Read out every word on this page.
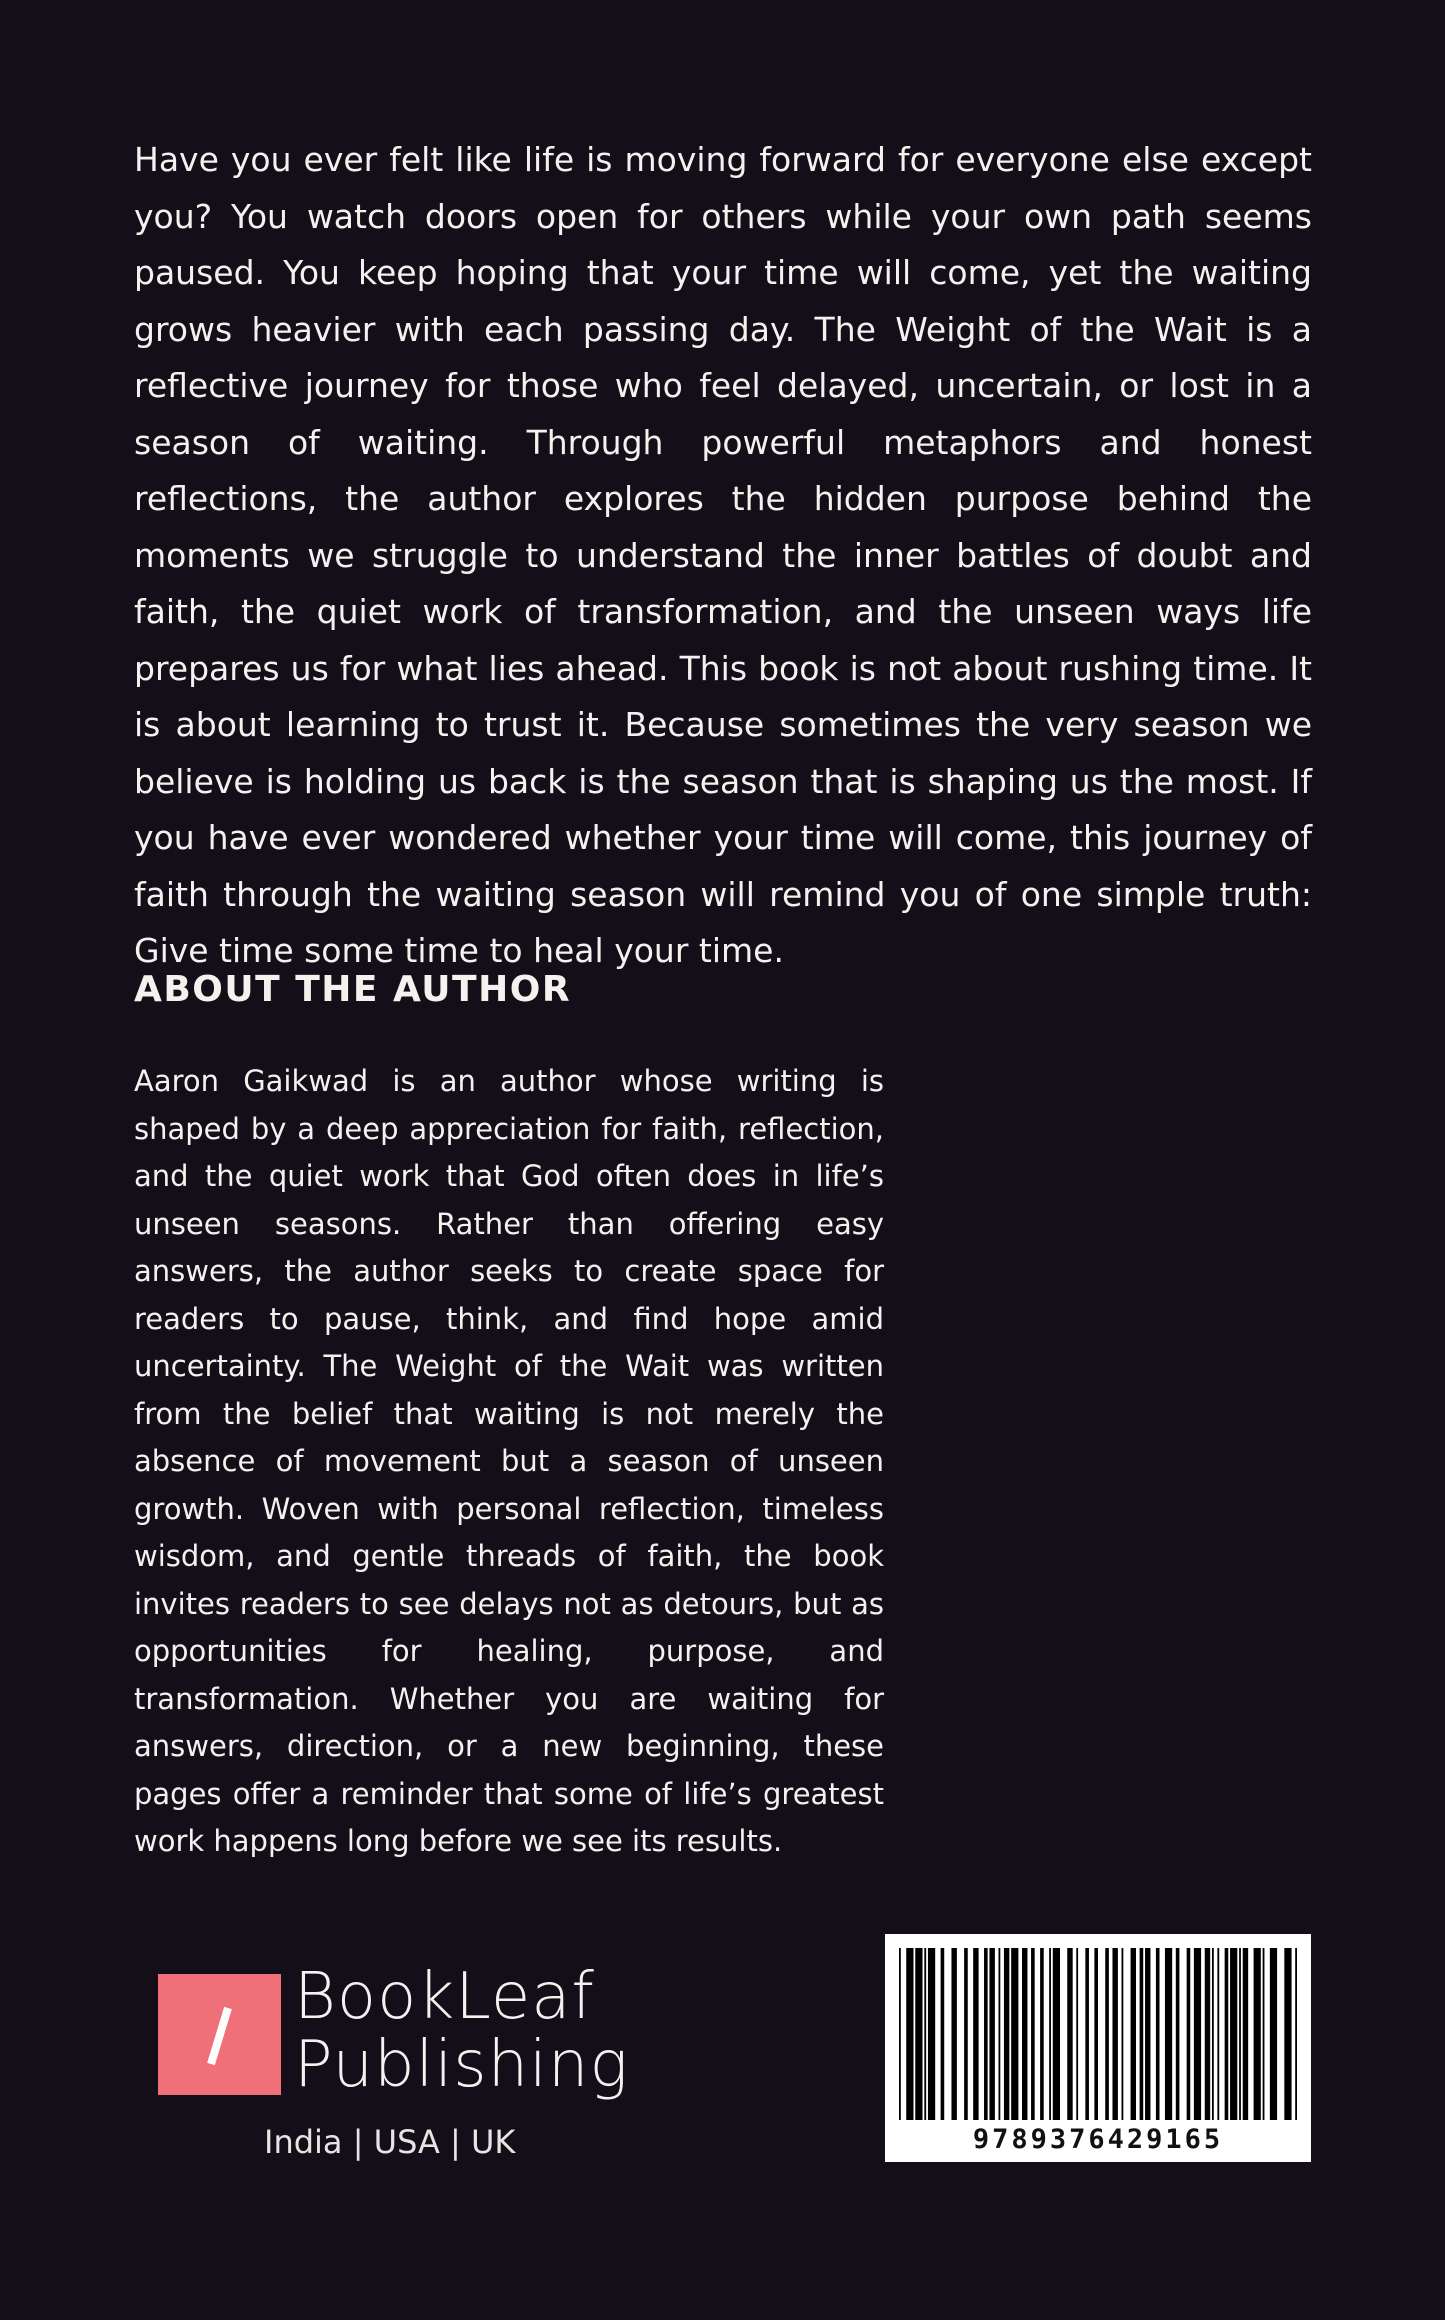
Have you ever felt like life is moving forward for everyone else except you? You watch doors open for others while your own path seems paused. You keep hoping that your time will come, yet the waiting grows heavier with each passing day. The Weight of the Wait is a reflective journey for those who feel delayed, uncertain, or lost in a season of waiting. Through powerful metaphors and honest reflections, the author explores the hidden purpose behind the moments we struggle to understand the inner battles of doubt and faith, the quiet work of transformation, and the unseen ways life prepares us for what lies ahead. This book is not about rushing time. It is about learning to trust it. Because sometimes the very season we believe is holding us back is the season that is shaping us the most. If you have ever wondered whether your time will come, this journey of faith through the waiting season will remind you of one simple truth: Give time some time to heal your time.

ABOUT THE AUTHOR

Aaron Gaikwad is an author whose writing is shaped by a deep appreciation for faith, reflection, and the quiet work that God often does in life’s unseen seasons. Rather than offering easy answers, the author seeks to create space for readers to pause, think, and find hope amid uncertainty. The Weight of the Wait was written from the belief that waiting is not merely the absence of movement but a season of unseen growth. Woven with personal reflection, timeless wisdom, and gentle threads of faith, the book invites readers to see delays not as detours, but as opportunities for healing, purpose, and transformation. Whether you are waiting for answers, direction, or a new beginning, these pages offer a reminder that some of life’s greatest work happens long before we see its results.

BookLeaf
Publishing
India | USA | UK	9789376429165
